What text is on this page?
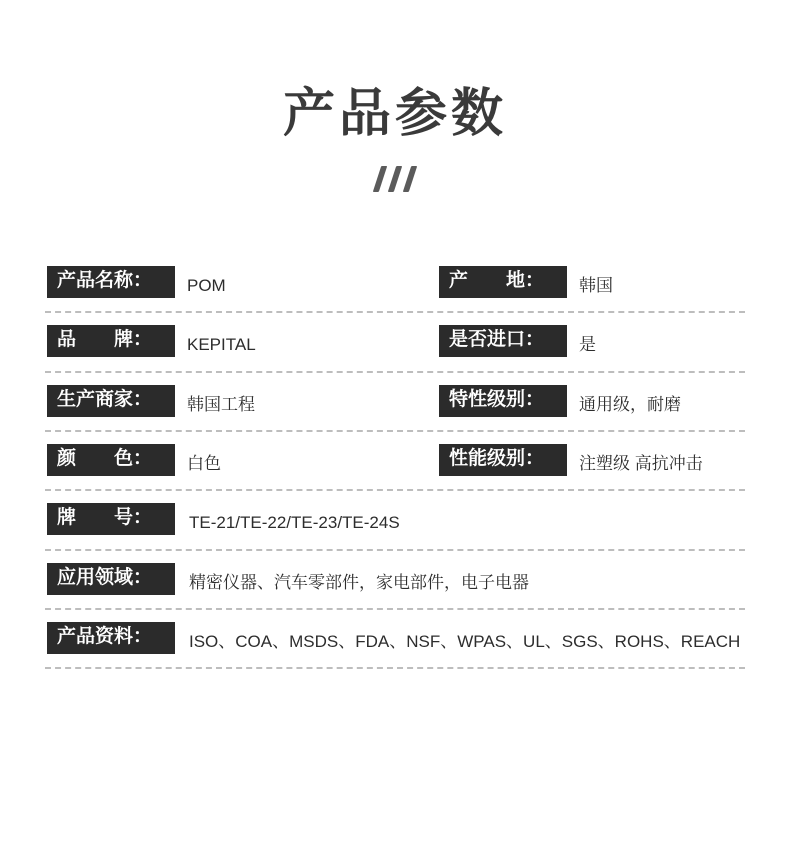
产品参数
产品名称：	POM	产　　地：	韩国
品　　牌：	KEPITAL	是否进口：	是
生产商家：	韩国工程	特性级别：	通用级，耐磨
颜　　色：	白色	性能级别：	注塑级 高抗冲击
牌　　号：	TE-21/TE-22/TE-23/TE-24S
应用领域：	精密仪器、汽车零部件，家电部件，电子电器
产品资料：	ISO、COA、MSDS、FDA、NSF、WPAS、UL、SGS、ROHS、REACH
